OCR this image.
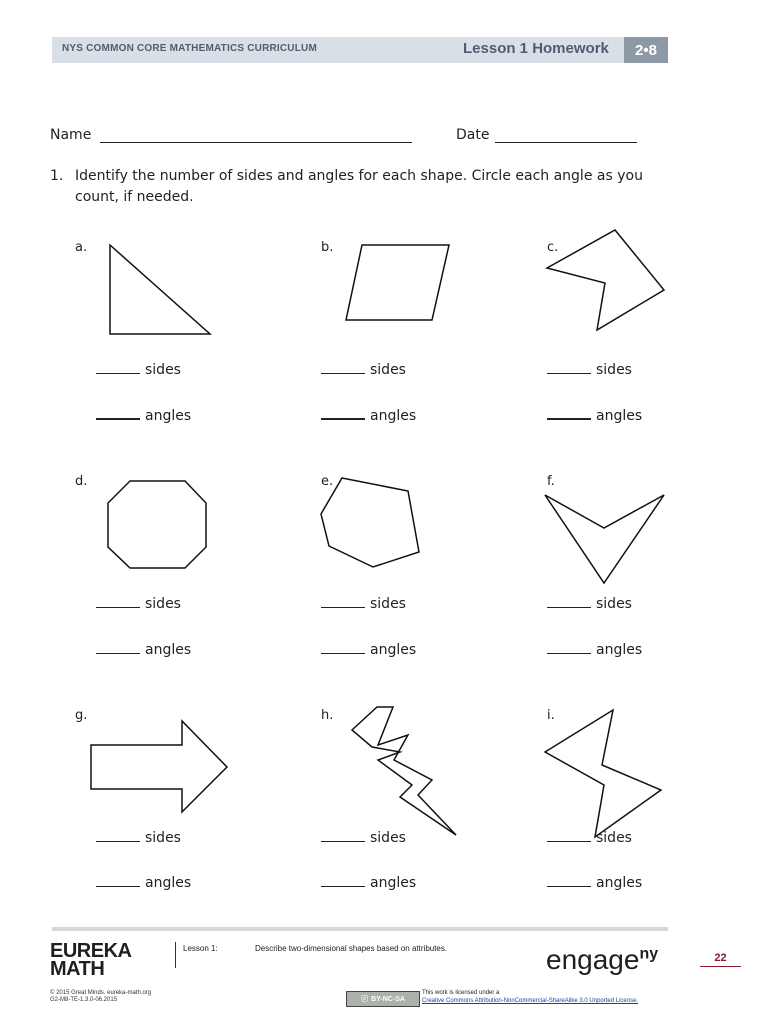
NYS COMMON CORE MATHEMATICS CURRICULUM	Lesson 1 Homework	2•8
Name	Date
1. Identify the number of sides and angles for each shape. Circle each angle as you
count, if needed.
a.	b.	c.
d.	e.	f.
g.	h.	i.
sides
angles
sides
angles
sides
angles
sides
angles
sides
angles
sides
angles
sides
angles
sides
angles
sides
angles
EUREKA
MATH
Lesson 1:	Describe two-dimensional shapes based on attributes.	engage$^{ny}$	22
© 2015 Great Minds. eureka-math.org
G2-M8-TE-1.3.0-06.2015	ⓒ BY-NC-SA
This work is licensed under a
Creative Commons Attribution-NonCommercial-ShareAlike 3.0 Unported License.
